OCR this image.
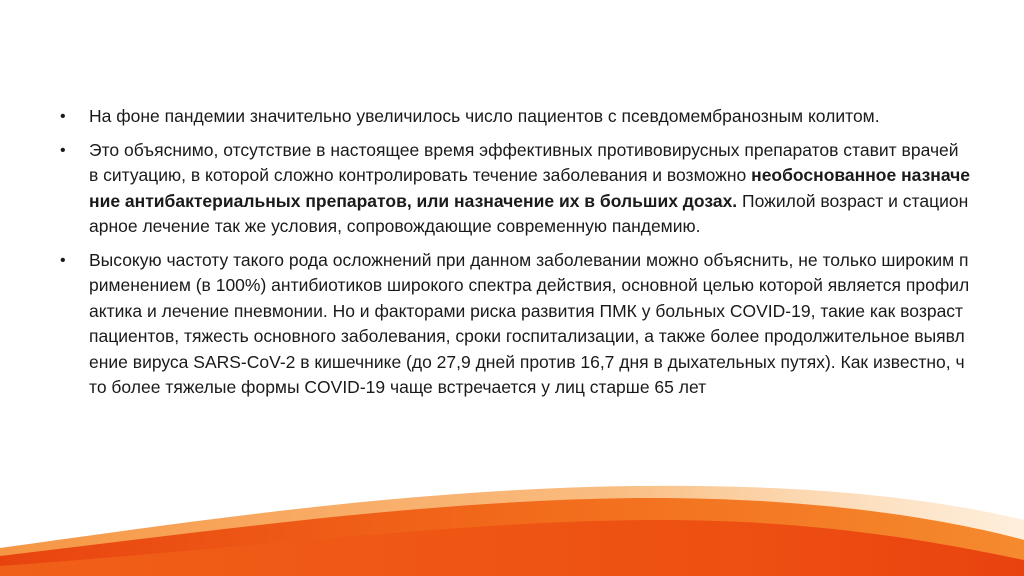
• На фоне пандемии значительно увеличилось число пациентов с псевдомембранозным колитом.
• Это объяснимо, отсутствие в настоящее время эффективных противовирусных препаратов ставит врачей в ситуацию, в которой сложно контролировать течение заболевания и возможно необоснованное назначение антибактериальных препаратов, или назначение их в больших дозах. Пожилой возраст и стационарное лечение так же условия, сопровождающие современную пандемию.
• Высокую частоту такого рода осложнений при данном заболевании можно объяснить, не только широким применением (в 100%) антибиотиков широкого спектра действия, основной целью которой является профилактика и лечение пневмонии. Но и факторами риска развития ПМК у больных COVID-19, такие как возраст пациентов, тяжесть основного заболевания, сроки госпитализации, а также более продолжительное выявление вируса SARS-CoV-2 в кишечнике (до 27,9 дней против 16,7 дня в дыхательных путях). Как известно, что более тяжелые формы COVID-19 чаще встречается у лиц старше 65 лет
